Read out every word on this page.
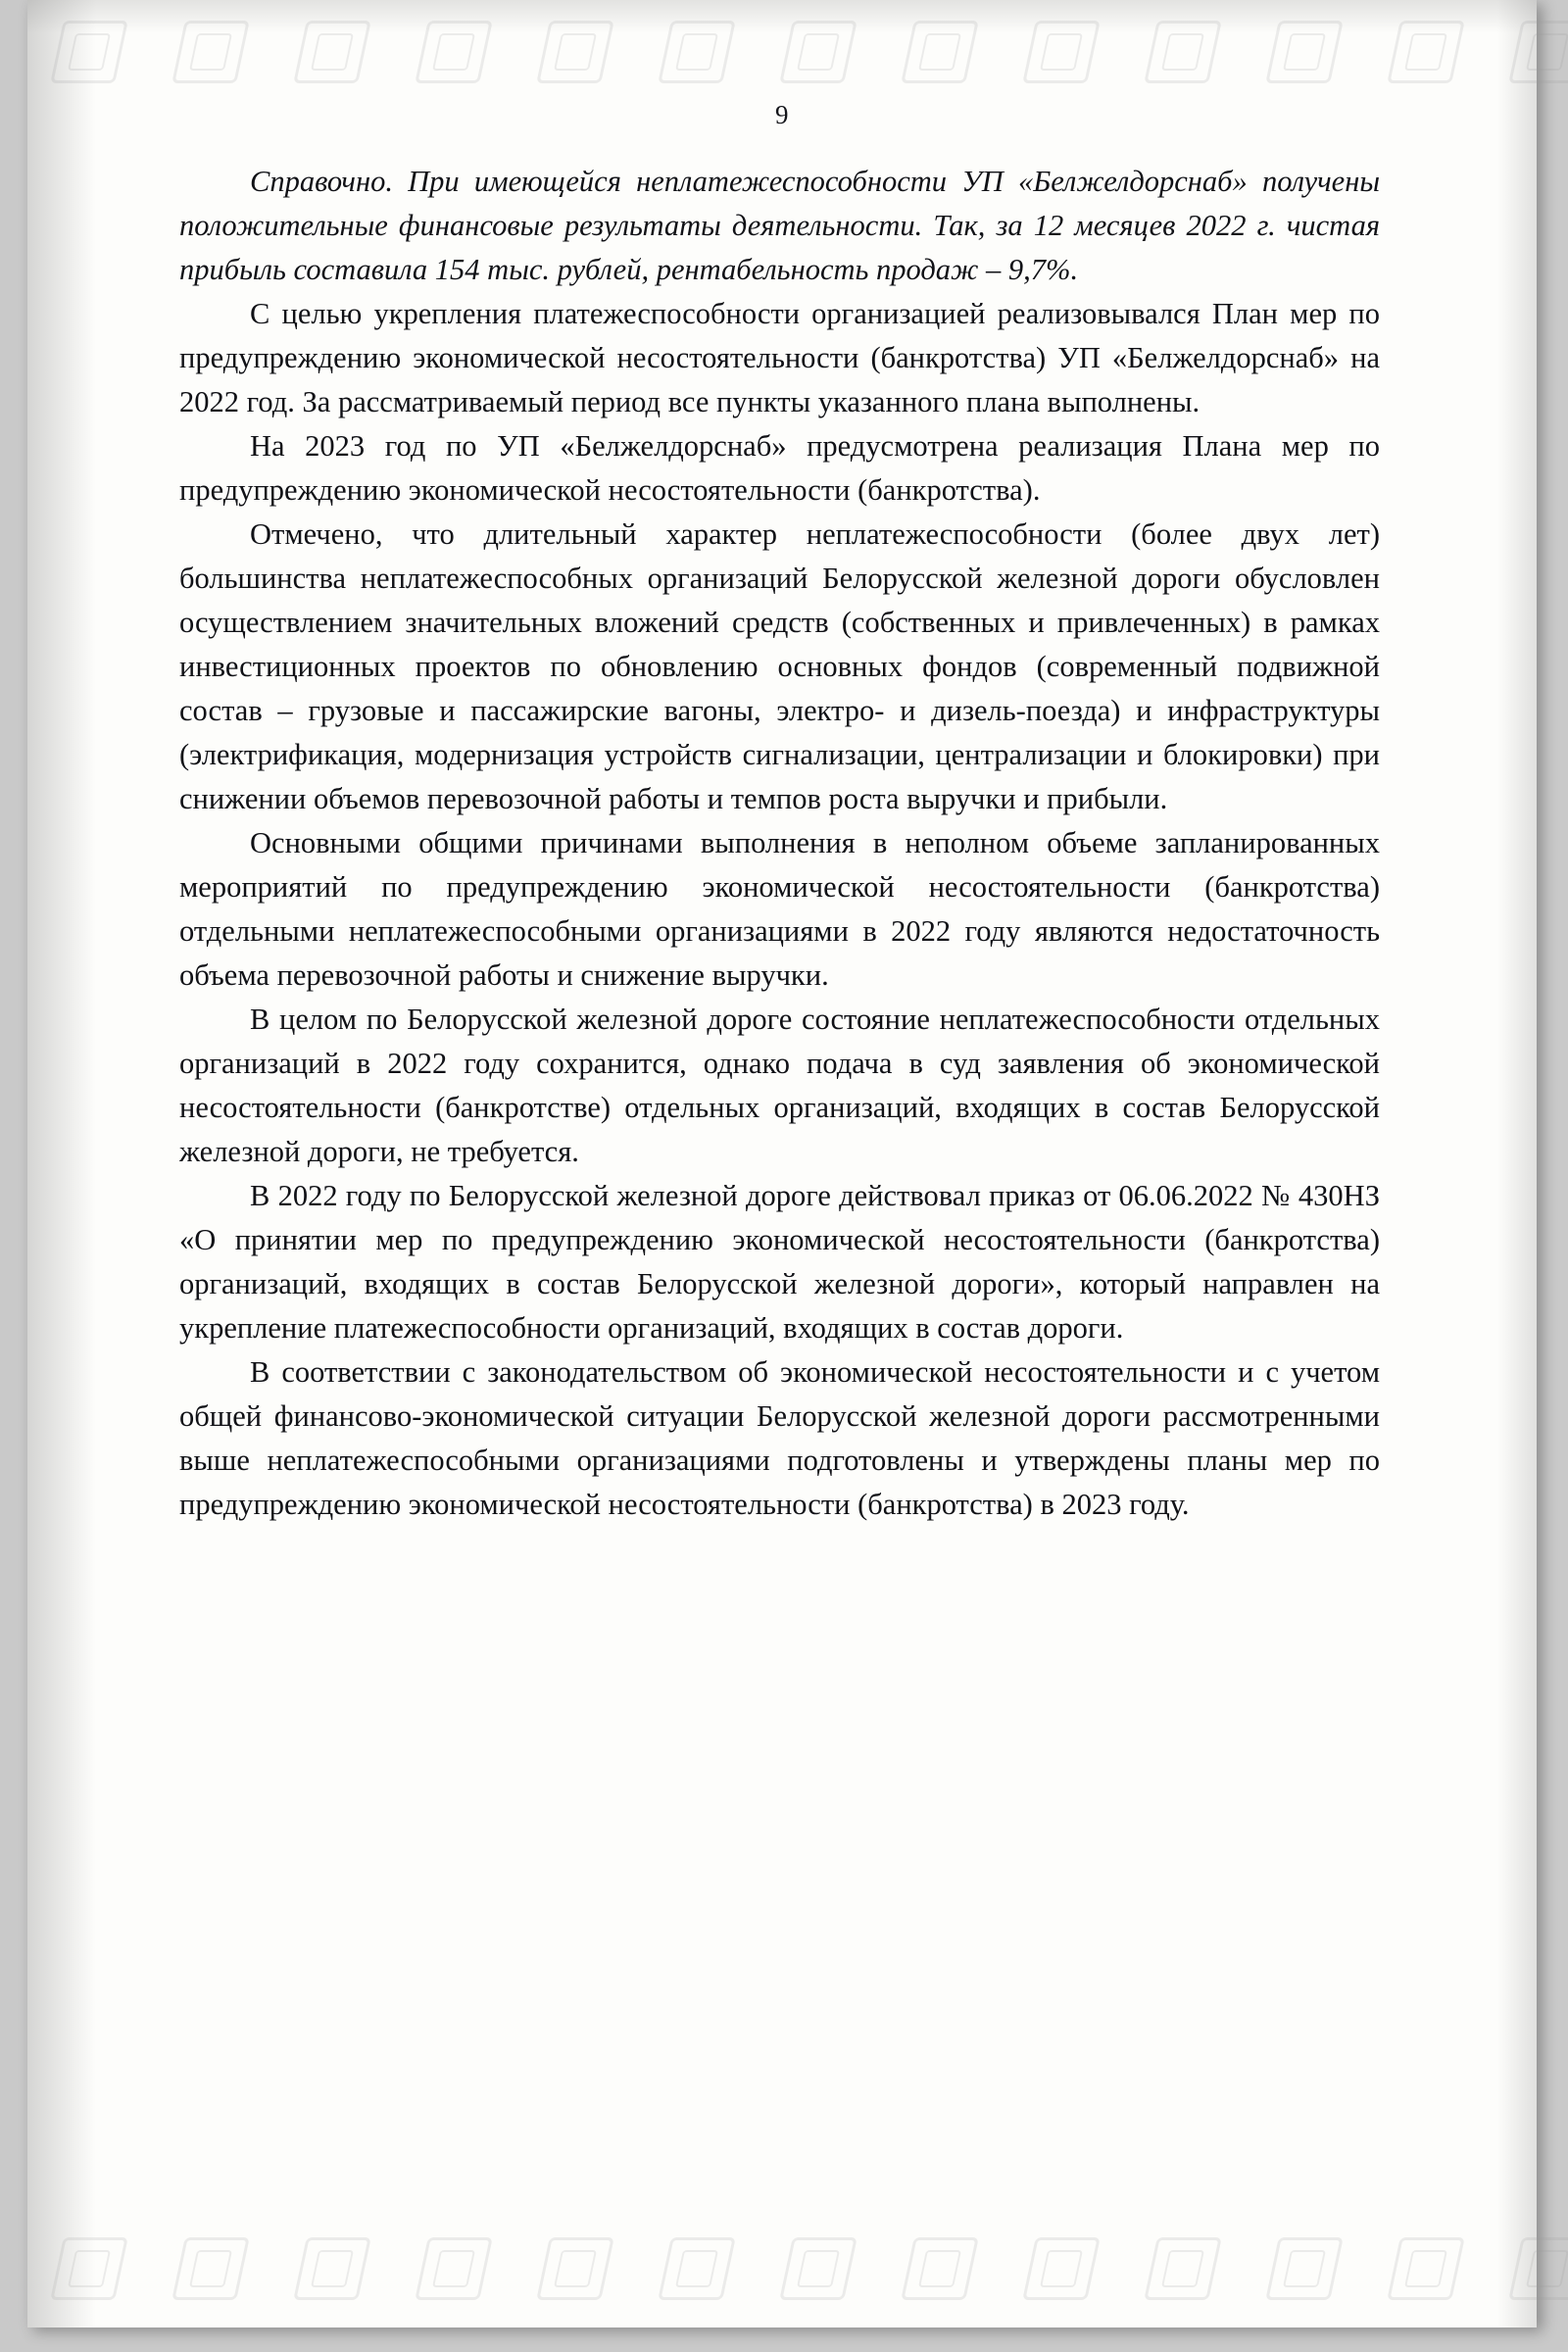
9

Справочно. При имеющейся неплатежеспособности УП «Белжелдорснаб» получены положительные финансовые результаты деятельности. Так, за 12 месяцев 2022 г. чистая прибыль составила 154 тыс. рублей, рентабельность продаж – 9,7%.

С целью укрепления платежеспособности организацией реализовывался План мер по предупреждению экономической несостоятельности (банкротства) УП «Белжелдорснаб» на 2022 год. За рассматриваемый период все пункты указанного плана выполнены.

На 2023 год по УП «Белжелдорснаб» предусмотрена реализация Плана мер по предупреждению экономической несостоятельности (банкротства).

Отмечено, что длительный характер неплатежеспособности (более двух лет) большинства неплатежеспособных организаций Белорусской железной дороги обусловлен осуществлением значительных вложений средств (собственных и привлеченных) в рамках инвестиционных проектов по обновлению основных фондов (современный подвижной состав – грузовые и пассажирские вагоны, электро- и дизель-поезда) и инфраструктуры (электрификация, модернизация устройств сигнализации, централизации и блокировки) при снижении объемов перевозочной работы и темпов роста выручки и прибыли.

Основными общими причинами выполнения в неполном объеме запланированных мероприятий по предупреждению экономической несостоятельности (банкротства) отдельными неплатежеспособными организациями в 2022 году являются недостаточность объема перевозочной работы и снижение выручки.

В целом по Белорусской железной дороге состояние неплатежеспособности отдельных организаций в 2022 году сохранится, однако подача в суд заявления об экономической несостоятельности (банкротстве) отдельных организаций, входящих в состав Белорусской железной дороги, не требуется.

В 2022 году по Белорусской железной дороге действовал приказ от 06.06.2022 № 430НЗ «О принятии мер по предупреждению экономической несостоятельности (банкротства) организаций, входящих в состав Белорусской железной дороги», который направлен на укрепление платежеспособности организаций, входящих в состав дороги.

В соответствии с законодательством об экономической несостоятельности и с учетом общей финансово-экономической ситуации Белорусской железной дороги рассмотренными выше неплатежеспособными организациями подготовлены и утверждены планы мер по предупреждению экономической несостоятельности (банкротства) в 2023 году.
